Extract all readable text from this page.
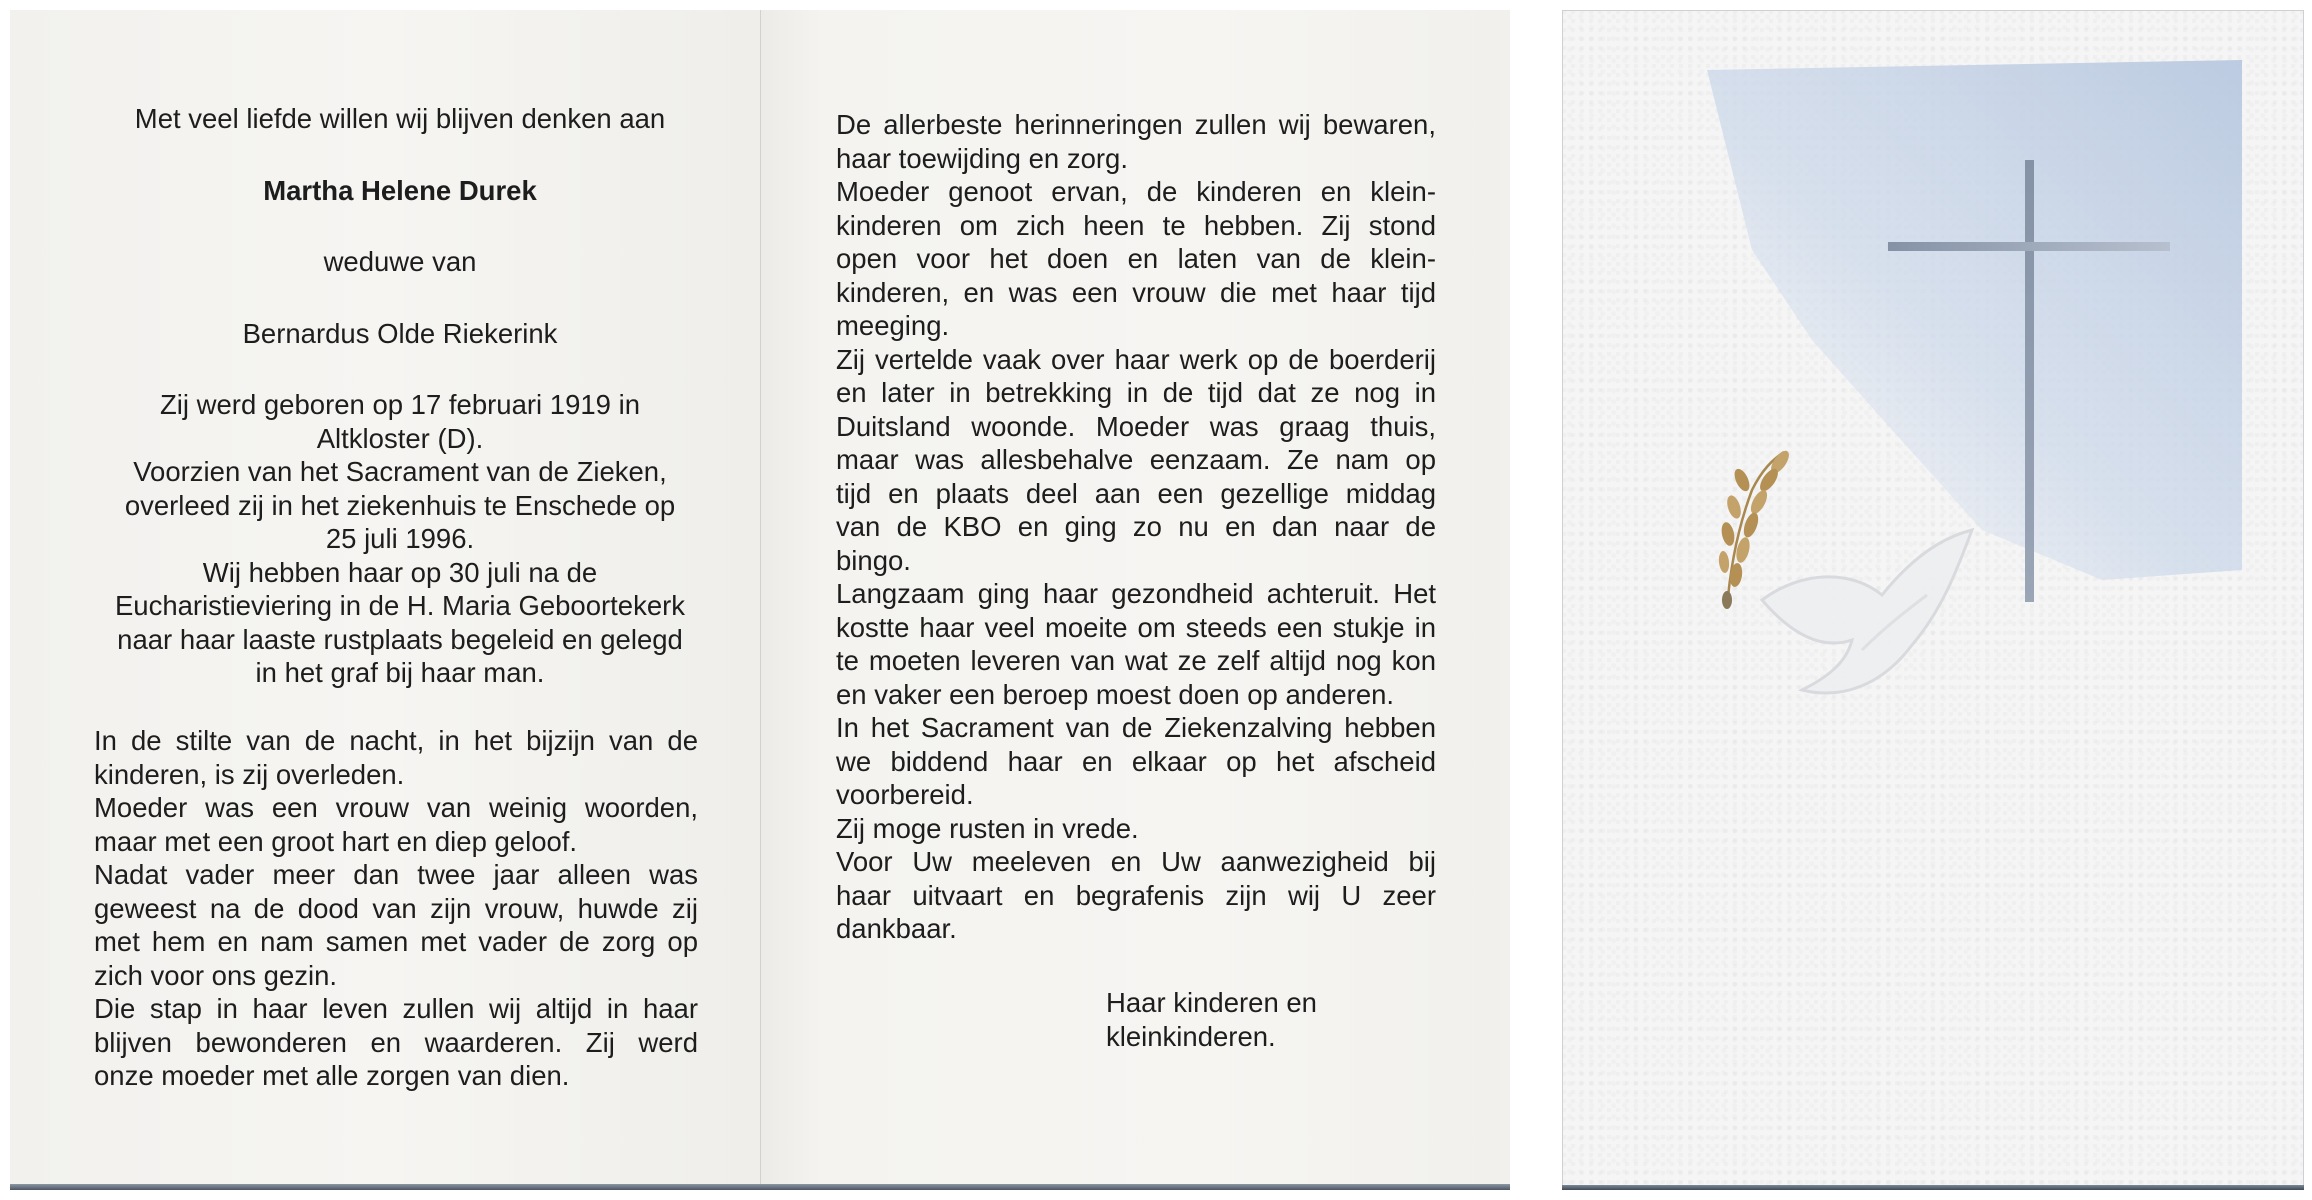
Met veel liefde willen wij blijven denken aan

Martha Helene Durek

weduwe van

Bernardus Olde Riekerink

Zij werd geboren op 17 februari 1919 in

Altkloster (D).

Voorzien van het Sacrament van de Zieken,

overleed zij in het ziekenhuis te Enschede op

25 juli 1996.

Wij hebben haar op 30 juli na de

Eucharistieviering in de H. Maria Geboortekerk

naar haar laaste rustplaats begeleid en gelegd

in het graf bij haar man.

In de stilte van de nacht, in het bijzijn van de
kinderen, is zij overleden.
Moeder was een vrouw van weinig woorden,
maar met een groot hart en diep geloof.
Nadat vader meer dan twee jaar alleen was
geweest na de dood van zijn vrouw, huwde zij
met hem en nam samen met vader de zorg op
zich voor ons gezin.
Die stap in haar leven zullen wij altijd in haar
blijven bewonderen en waarderen. Zij werd
onze moeder met alle zorgen van dien.
De allerbeste herinneringen zullen wij bewaren,
haar toewijding en zorg.
Moeder genoot ervan, de kinderen en klein-
kinderen om zich heen te hebben. Zij stond
open voor het doen en laten van de klein-
kinderen, en was een vrouw die met haar tijd
meeging.
Zij vertelde vaak over haar werk op de boerderij
en later in betrekking in de tijd dat ze nog in
Duitsland woonde. Moeder was graag thuis,
maar was allesbehalve eenzaam. Ze nam op
tijd en plaats deel aan een gezellige middag
van de KBO en ging zo nu en dan naar de
bingo.
Langzaam ging haar gezondheid achteruit. Het
kostte haar veel moeite om steeds een stukje in
te moeten leveren van wat ze zelf altijd nog kon
en vaker een beroep moest doen op anderen.
In het Sacrament van de Ziekenzalving hebben
we biddend haar en elkaar op het afscheid
voorbereid.
Zij moge rusten in vrede.
Voor Uw meeleven en Uw aanwezigheid bij
haar uitvaart en begrafenis zijn wij U zeer
dankbaar.
Haar kinderen en
kleinkinderen.
